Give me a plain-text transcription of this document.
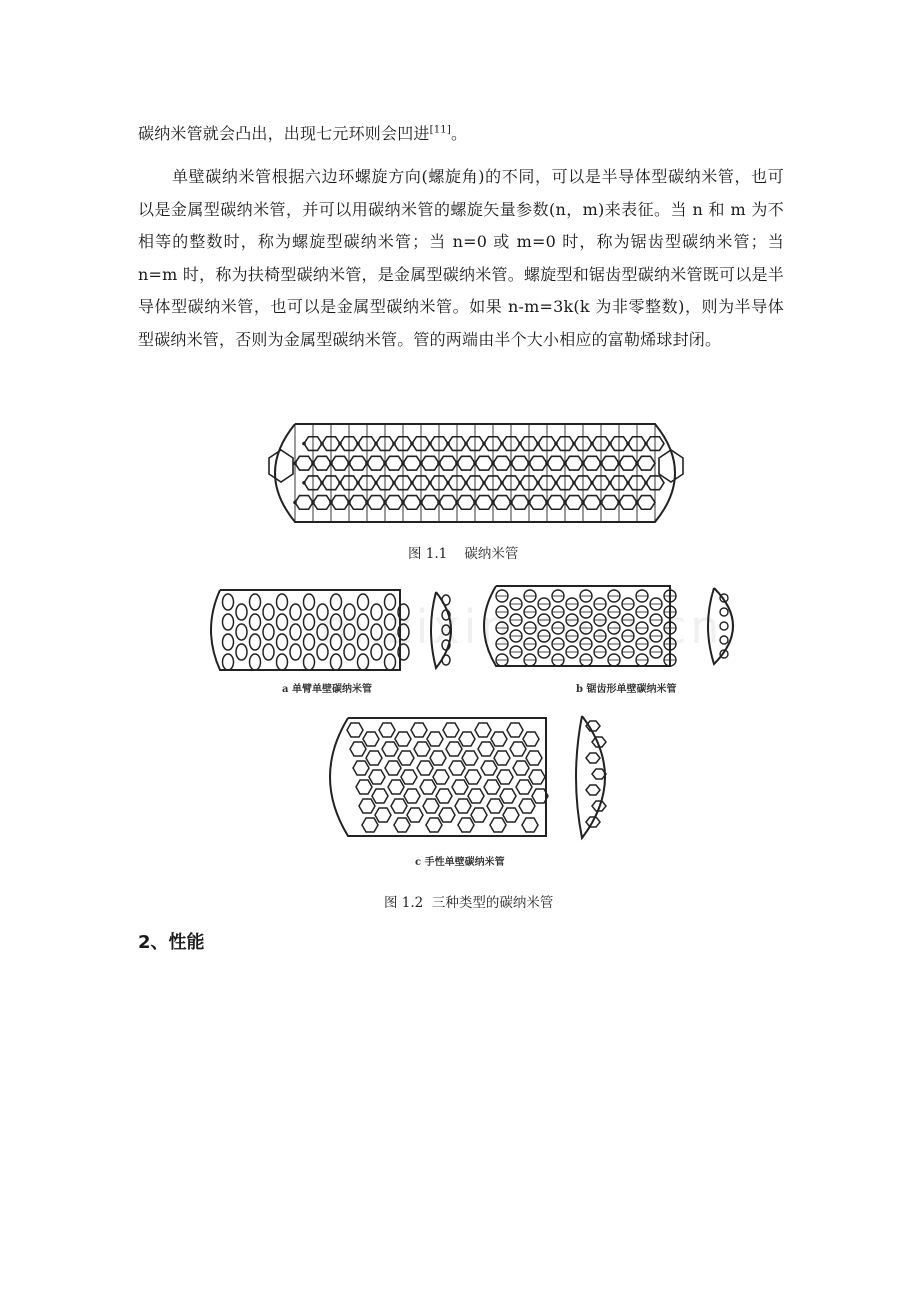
碳纳米管就会凸出，出现七元环则会凹进[11]。

单壁碳纳米管根据六边环螺旋方向(螺旋角)的不同，可以是半导体型碳纳米管，也可以是金属型碳纳米管，并可以用碳纳米管的螺旋矢量参数(n，m)来表征。当 n 和 m 为不相等的整数时，称为螺旋型碳纳米管；当 n=0 或 m=0 时，称为锯齿型碳纳米管；当 n=m 时，称为扶椅型碳纳米管，是金属型碳纳米管。螺旋型和锯齿型碳纳米管既可以是半导体型碳纳米管，也可以是金属型碳纳米管。如果 n-m=3k(k 为非零整数)，则为半导体型碳纳米管，否则为金属型碳纳米管。管的两端由半个大小相应的富勒烯球封闭。

图 1.1    碳纳米管
a 单臂单壁碳纳米管	b 锯齿形单壁碳纳米管
c 手性单壁碳纳米管
图 1.2  三种类型的碳纳米管
m.zixin.com.cn
2、性能
